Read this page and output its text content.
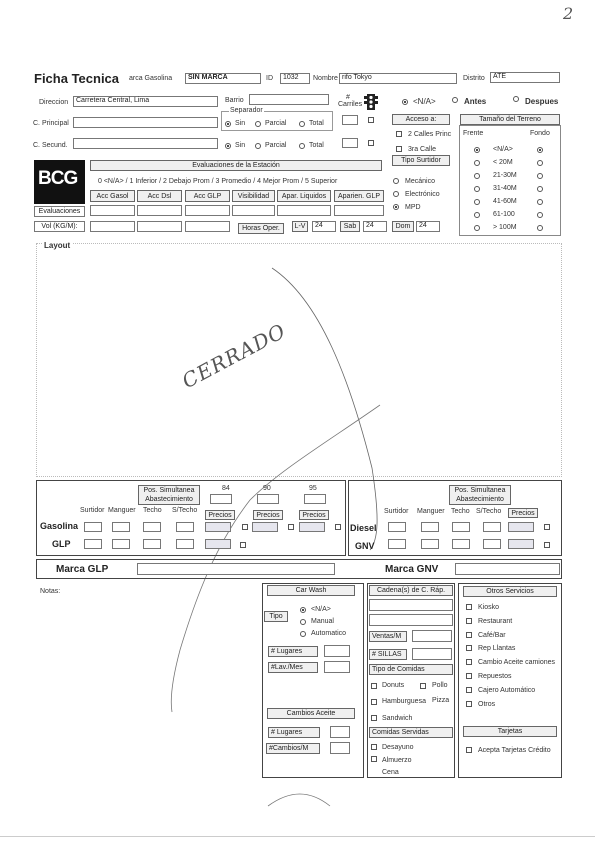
2
Ficha Tecnica arca Gasolina	SIN MARCA	ID	1032	Nombre rifo Tokyo	Distrito	ATE
Direccion	Carretera Central, Lima	Barrio
C. Principal
C. Secund.
Separador
Sin	Parcial	Total
Sin	Parcial	Total
# Carriles	<N/A>	Antes	Despues
Acceso a:
2 Calles Princ
3ra Calle
Tipo Surtidor
Mecánico
Electrónico
MPD
Tamaño del Terreno
Frente	Fondo
<N/A>
< 20M
21-30M
31-40M
41-60M
61-100
> 100M
BCG
Evaluaciones de la Estación
0 <N/A> / 1 Inferior / 2 Debajo Prom / 3 Promedio / 4 Mejor Prom / 5 Superior
Acc Gasol	Acc Dsl	Acc GLP	Visibilidad	Apar. Liquidos	Aparien. GLP
Evaluaciones
Vol (KG/M):	Horas Oper.	L-V	24	Sab	24	Dom	24
Layout
CERRADO
Pos. Simultanea Abastecimiento
84	90	95
Surtidor Manguer Techo S/Techo
Precios	Precios	Precios
Gasolina
GLP
Pos. Simultanea Abastecimiento
Surtidor Manguer Techo S/Techo	Precios
Diesel
GNV
Marca GLP	Marca GNV
Notas:	Car Wash
Tipo
<N/A>
Manual
Automatico
# Lugares
#Lav./Mes
Cambios Aceite
# Lugares
#Cambios/M
Cadena(s) de C. Ráp.
Ventas/M
# SILLAS
Tipo de Comidas
Donuts	Pollo
Hamburguesa Pizza
Sandwich
Comidas Servidas
Desayuno
Almuerzo
Cena
Otros Servicios
Kiosko
Restaurant
Café/Bar
Rep Llantas
Cambio Aceite camiones
Repuestos
Cajero Automático
Otros
Tarjetas
Acepta Tarjetas Crédito
